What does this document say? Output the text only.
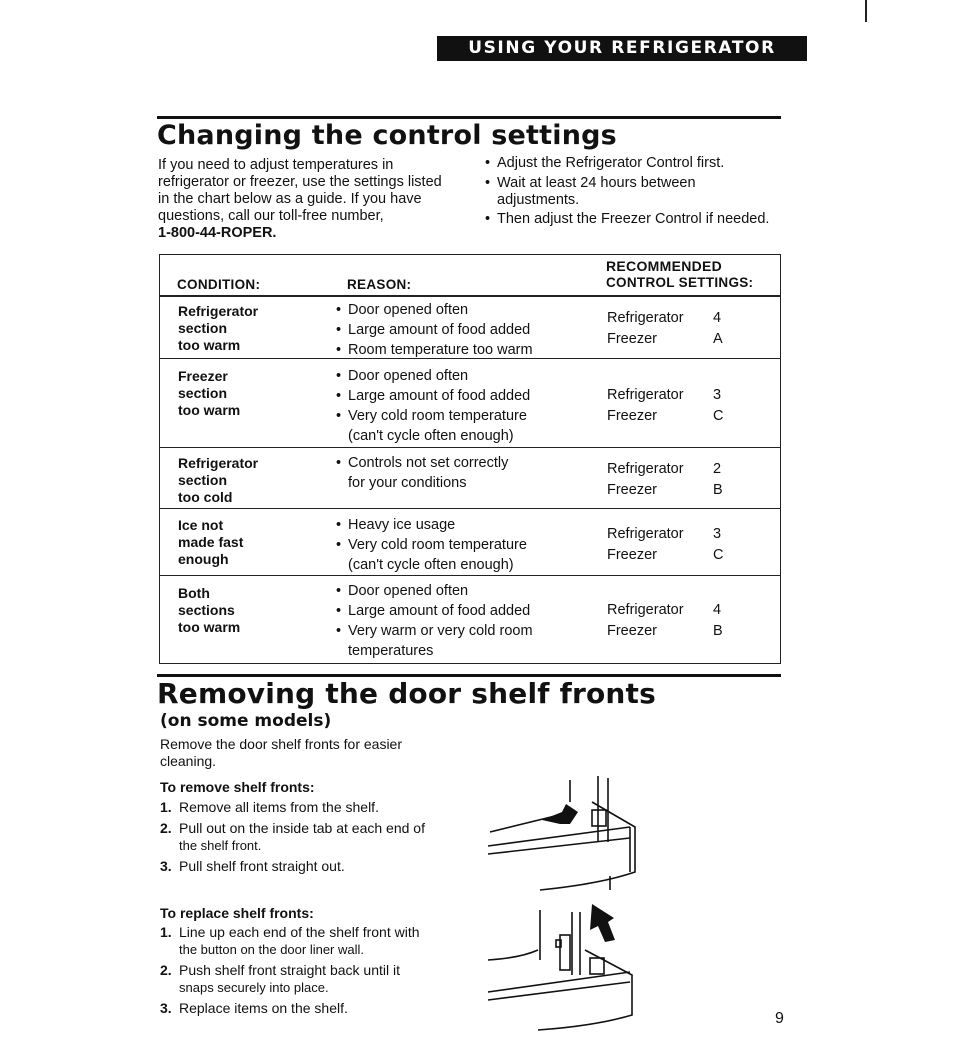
USING YOUR REFRIGERATOR
Changing the control settings
If you need to adjust temperatures in
refrigerator or freezer, use the settings listed
in the chart below as a guide. If you have
questions, call our toll-free number,
1-800-44-ROPER.
• Adjust the Refrigerator Control first.
• Wait at least 24 hours between
adjustments.
• Then adjust the Freezer Control if needed.
CONDITION:	REASON:
RECOMMENDED
CONTROL SETTINGS:
Refrigerator
section
too warm
• Door opened often
• Large amount of food added
• Room temperature too warm
Refrigerator
Freezer
4
A
Freezer
section
too warm
• Door opened often
• Large amount of food added
• Very cold room temperature
(can't cycle often enough)
Refrigerator
Freezer
3
C
Refrigerator
section
too cold
• Controls not set correctly
for your conditions
Refrigerator
Freezer
2
B
Ice not
made fast
enough
• Heavy ice usage
• Very cold room temperature
(can't cycle often enough)
Refrigerator
Freezer
3
C
Both
sections
too warm
• Door opened often
• Large amount of food added
• Very warm or very cold room
temperatures
Refrigerator
Freezer
4
B
Removing the door shelf fronts
(on some models)
Remove the door shelf fronts for easier
cleaning.
To remove shelf fronts:
1. Remove all items from the shelf.
2. Pull out on the inside tab at each end of
the shelf front.
3. Pull shelf front straight out.
To replace shelf fronts:
1. Line up each end of the shelf front with
the button on the door liner wall.
2. Push shelf front straight back until it
snaps securely into place.
3. Replace items on the shelf.
9
